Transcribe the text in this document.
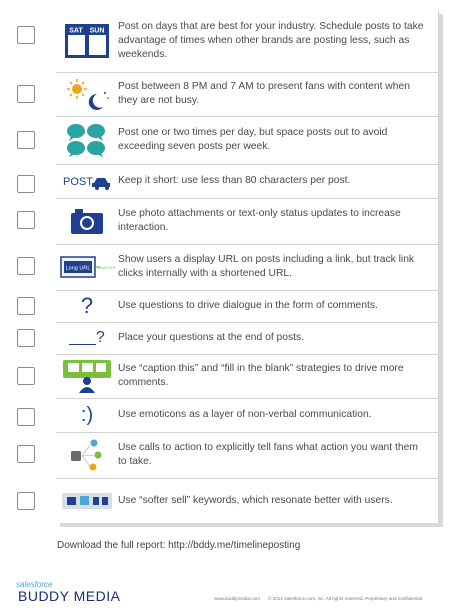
SAT SUN Post on days that are best for your industry. Schedule posts to take advantage of times when other brands are posting less, such as weekends.
Post between 8 PM and 7 AM to present fans with content when they are not busy.
Post one or two times per day, but space posts out to avoid exceeding seven posts per week.
POST Keep it short: use less than 80 characters per post.
Use photo attachments or text-only status updates to increase interaction.
Long URL Short URL
Show users a display URL on posts including a link, but track link clicks internally with a shortened URL.
? Use questions to drive dialogue in the form of comments.
___? Place your questions at the end of posts.
Use “caption this” and “fill in the blank” strategies to drive more comments.
:) Use emoticons as a layer of non-verbal communication.
Use calls to action to explicitly tell fans what action you want them to take.
Use “softer sell” keywords, which resonate better with users.
Download the full report: http://bddy.me/timelineposting
salesforce
BUDDY MEDIA	www.buddymedia.com © 2012 salesforce.com, inc. All rights reserved. Proprietary and Confidential
